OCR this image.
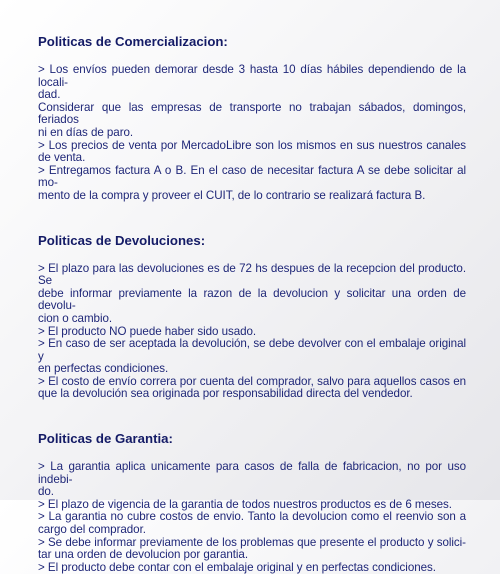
Politicas de Comercializacion:
> Los envíos pueden demorar desde 3 hasta 10 días hábiles dependiendo de la locali-
dad.
Considerar que las empresas de transporte no trabajan sábados, domingos, feriados
ni en días de paro.
> Los precios de venta por MercadoLibre son los mismos en sus nuestros canales
de venta.
> Entregamos factura A o B. En el caso de necesitar factura A se debe solicitar al mo-
mento de la compra y proveer el CUIT, de lo contrario se realizará factura B.
Politicas de Devoluciones:
> El plazo para las devoluciones es de 72 hs despues de la recepcion del producto. Se
debe informar previamente la razon de la devolucion y solicitar una orden de devolu-
cion o cambio.
> El producto NO puede haber sido usado.
> En caso de ser aceptada la devolución, se debe devolver con el embalaje original y
en perfectas condiciones.
> El costo de envío correra por cuenta del comprador, salvo para aquellos casos en
que la devolución sea originada por responsabilidad directa del vendedor.
Politicas de Garantia:
> La garantia aplica unicamente para casos de falla de fabricacion, no por uso indebi-
do.
> El plazo de vigencia de la garantia de todos nuestros productos es de 6 meses.
> La garantia no cubre costos de envio. Tanto la devolucion como el reenvio son a
cargo del comprador.
> Se debe informar previamente de los problemas que presente el producto y solici-
tar una orden de devolucion por garantia.
> El producto debe contar con el embalaje original y en perfectas condiciones.
